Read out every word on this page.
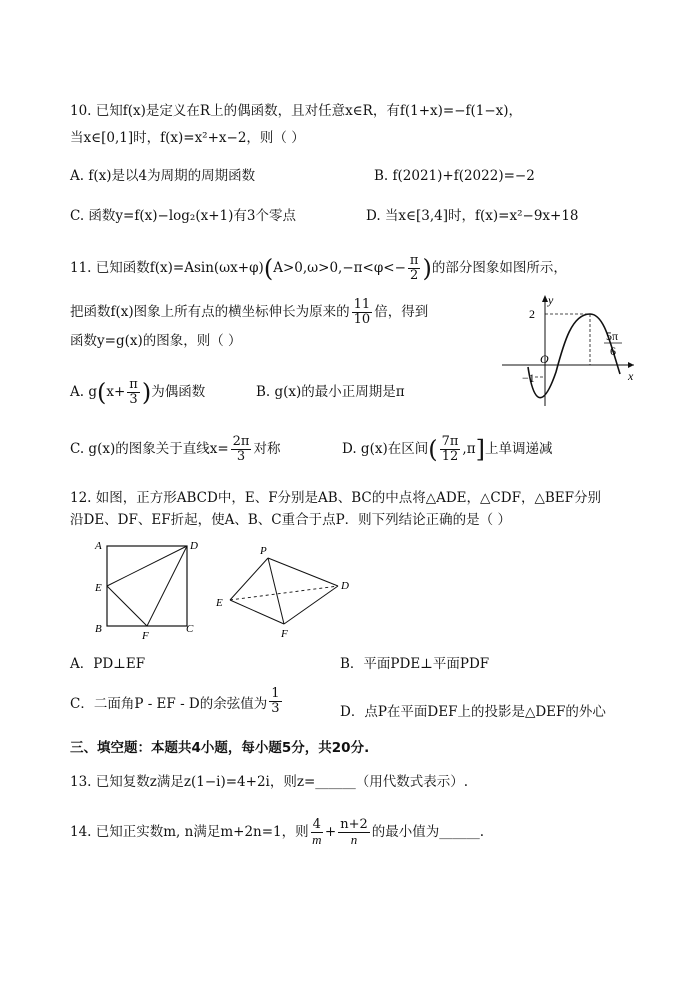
10. 已知f(x)是定义在R上的偶函数，且对任意x∈R，有f(1+x)=−f(1−x)，
当x∈[0,1]时，f(x)=x²+x−2，则（ ）
A. f(x)是以4为周期的周期函数	B. f(2021)+f(2022)=−2
C. 函数y=f(x)−log₂(x+1)有3个零点	D. 当x∈[3,4]时，f(x)=x²−9x+18
11. 已知函数$f(x)=Asin(\omega x+\varphi)(A>0,\omega>0,-\pi<\varphi<- \frac{\pi}{2}$ )的部分图象如图所示，
把函数f(x)图象上所有点的横坐标伸长为原来的 $\frac{11}{10}$ 倍，得到
函数y=g(x)的图象，则（ ）
y
x
O
2
−1
5π
6
A. $g(x+ \frac{\pi}{3}$ )为偶函数	B. g(x)的最小正周期是π
C. g(x)的图象关于直线$x= \frac{2\pi}{3}$ 对称	D. g(x)在区间( $\frac{7\pi}{12} ,\pi$]上单调递减
12. 如图，正方形ABCD中，E、F分别是AB、BC的中点将△ADE，△CDF，△BEF分别
沿DE、DF、EF折起，使A、B、C重合于点P．则下列结论正确的是（ ）
A	D
E
B
F
C
P
D
E
F
A．PD⊥EF	B．平面PDE⊥平面PDF
C．二面角P - EF - D的余弦值为 $\frac{1}{3}$	D．点P在平面DEF上的投影是△DEF的外心
三、填空题：本题共4小题，每小题5分，共20分.
13. 已知复数z满足z(1−i)=4+2i，则z=______（用代数式表示）.
14. 已知正实数m, n满足m+2n=1，则 $\frac{4}{m} + \frac{n+2}{n}$ 的最小值为______.
